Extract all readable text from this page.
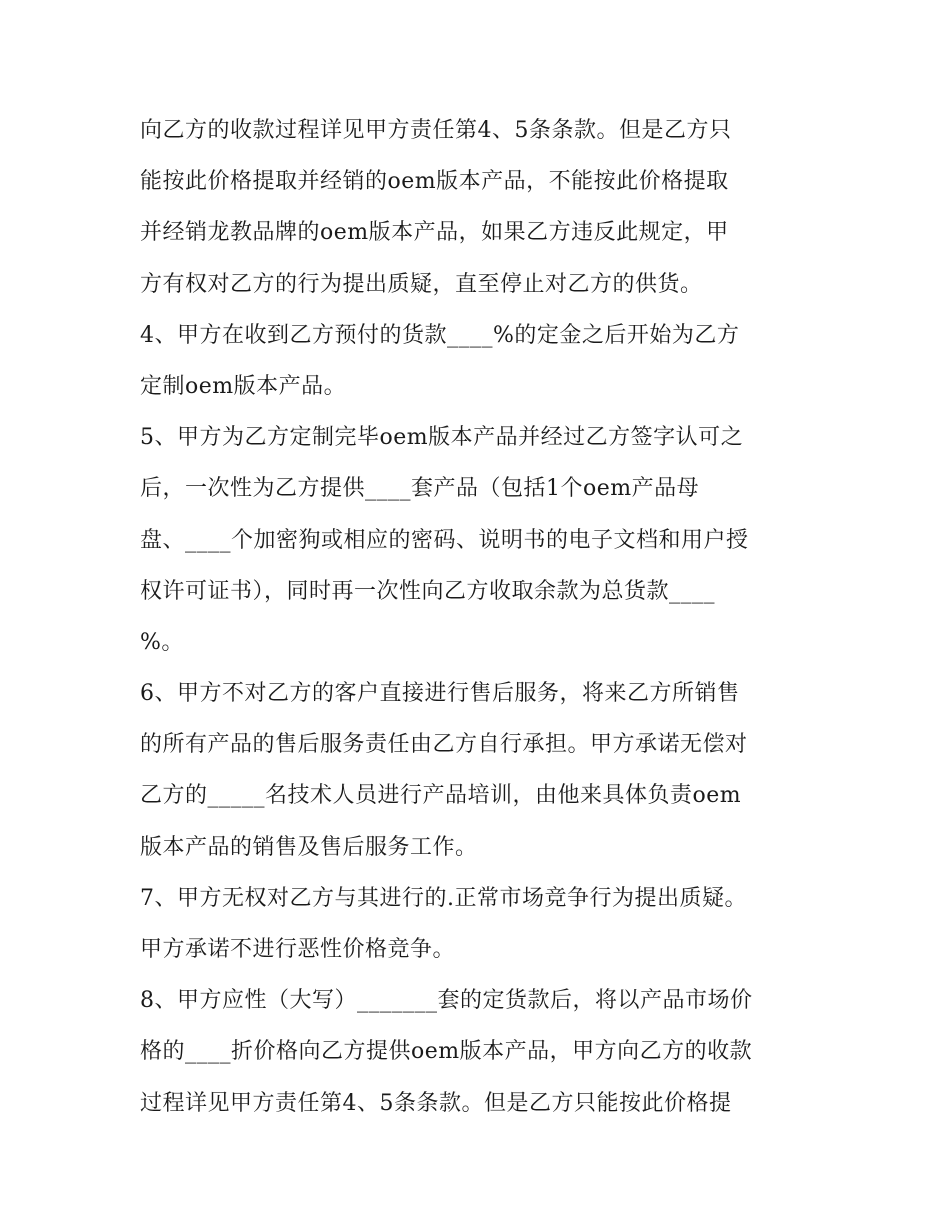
向乙方的收款过程详见甲方责任第4、5条条款。但是乙方只
能按此价格提取并经销的oem版本产品，不能按此价格提取
并经销龙教品牌的oem版本产品，如果乙方违反此规定，甲
方有权对乙方的行为提出质疑，直至停止对乙方的供货。
4、甲方在收到乙方预付的货款____%的定金之后开始为乙方
定制oem版本产品。
5、甲方为乙方定制完毕oem版本产品并经过乙方签字认可之
后，一次性为乙方提供____套产品（包括1个oem产品母
盘、____个加密狗或相应的密码、说明书的电子文档和用户授
权许可证书），同时再一次性向乙方收取余款为总货款____
%。
6、甲方不对乙方的客户直接进行售后服务，将来乙方所销售
的所有产品的售后服务责任由乙方自行承担。甲方承诺无偿对
乙方的_____名技术人员进行产品培训，由他来具体负责oem
版本产品的销售及售后服务工作。
7、甲方无权对乙方与其进行的.正常市场竞争行为提出质疑。
甲方承诺不进行恶性价格竞争。
8、甲方应性（大写）_______套的定货款后，将以产品市场价
格的____折价格向乙方提供oem版本产品，甲方向乙方的收款
过程详见甲方责任第4、5条条款。但是乙方只能按此价格提
